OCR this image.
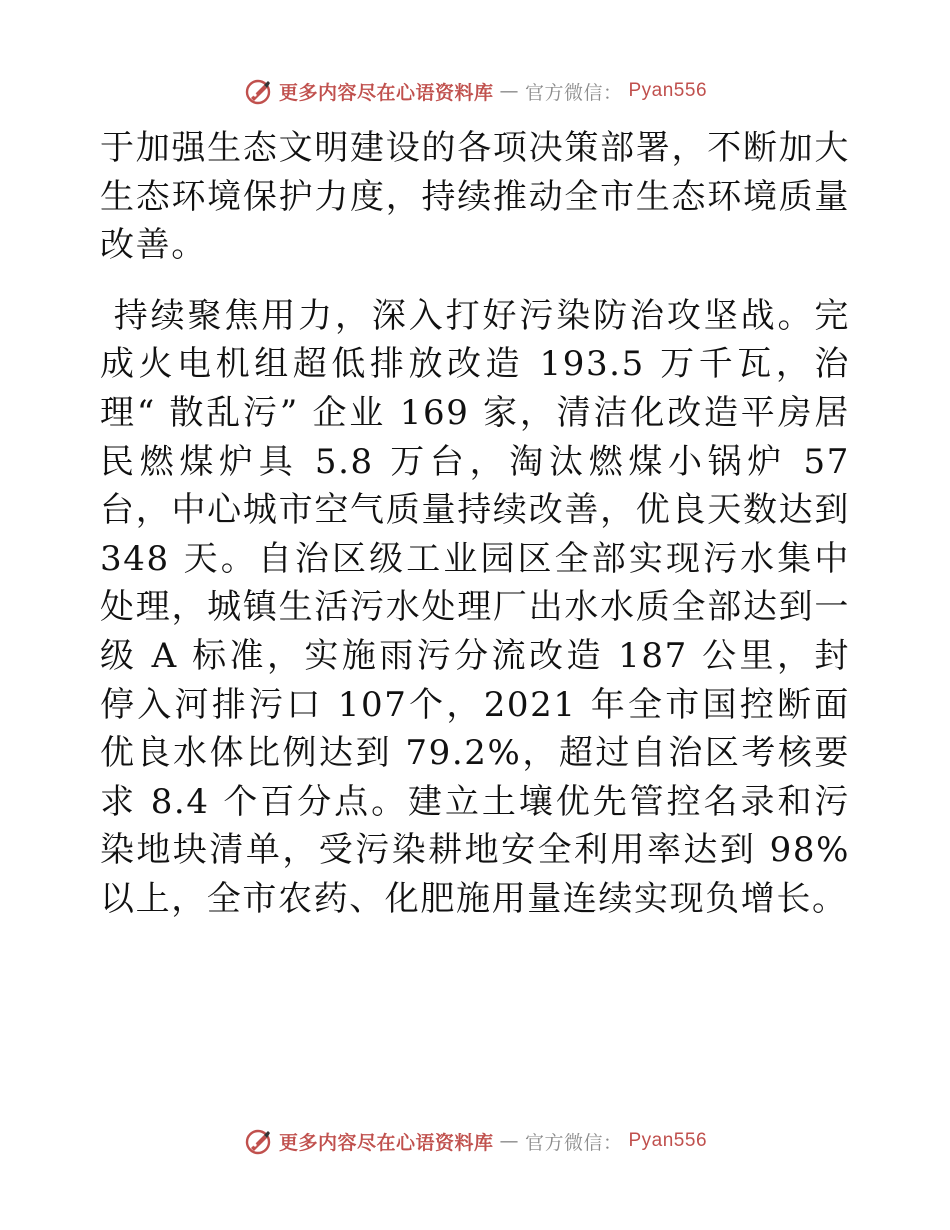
更多内容尽在心语资料库 — 官方微信： Pyan556

于加强生态文明建设的各项决策部署，不断加大生态环境保护力度，持续推动全市生态环境质量改善。

持续聚焦用力，深入打好污染防治攻坚战。完成火电机组超低排放改造 193.5 万千瓦，治理“ 散乱污” 企业 169 家，清洁化改造平房居民燃煤炉具 5.8 万台，淘汰燃煤小锅炉 57 台，中心城市空气质量持续改善，优良天数达到 348 天。自治区级工业园区全部实现污水集中处理，城镇生活污水处理厂出水水质全部达到一级 A 标准，实施雨污分流改造 187 公里，封停入河排污口 107个，2021 年全市国控断面优良水体比例达到 79.2%，超过自治区考核要求 8.4 个百分点。建立土壤优先管控名录和污染地块清单，受污染耕地安全利用率达到 98%以上，全市农药、化肥施用量连续实现负增长。

更多内容尽在心语资料库 — 官方微信： Pyan556
